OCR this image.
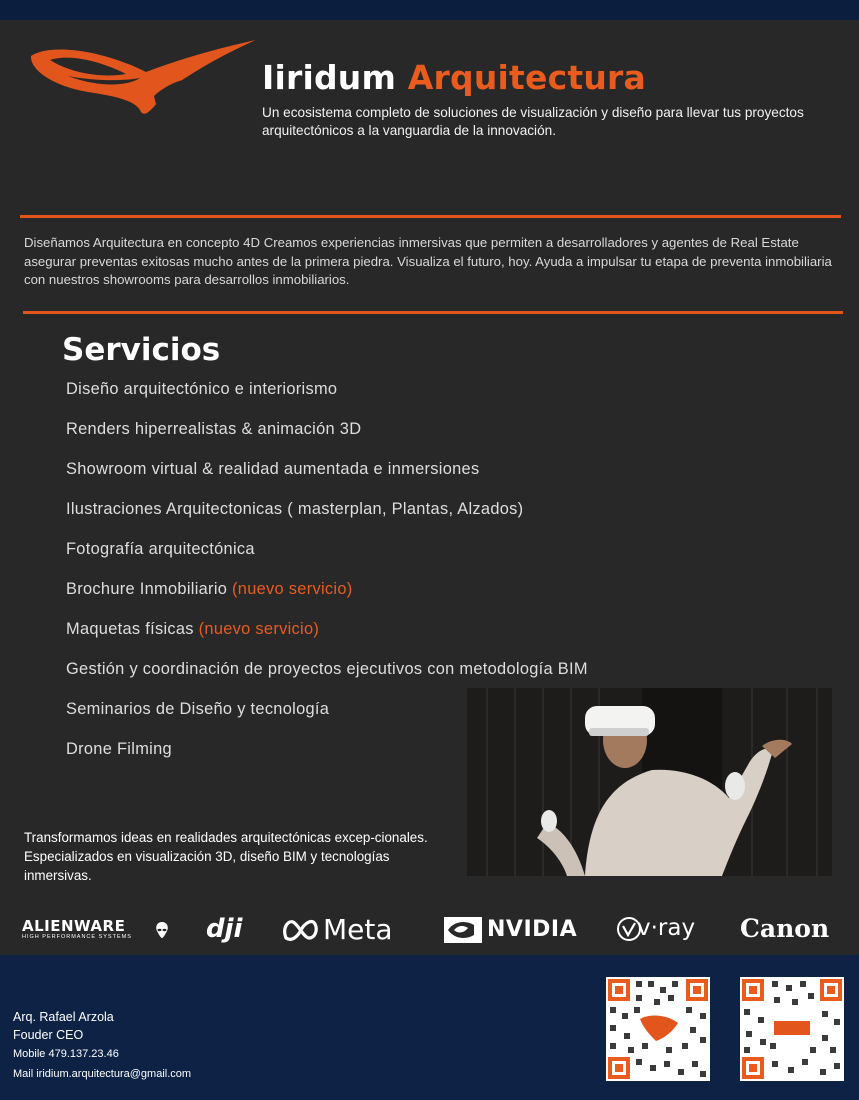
Iiridum Arquitectura
Un ecosistema completo de soluciones de visualización y diseño para llevar tus proyectos arquitectónicos a la vanguardia de la innovación.
Diseñamos Arquitectura en concepto 4D Creamos experiencias inmersivas que permiten a desarrolladores y agentes de Real Estate asegurar preventas exitosas mucho antes de la primera piedra. Visualiza el futuro, hoy. Ayuda a impulsar tu etapa de preventa inmobiliaria con nuestros showrooms para desarrollos inmobiliarios.
Servicios
Diseño arquitectónico e interiorismo
Renders hiperrealistas & animación 3D
Showroom virtual & realidad aumentada e inmersiones
Ilustraciones Arquitectonicas ( masterplan, Plantas, Alzados)
Fotografía arquitectónica
Brochure Inmobiliario (nuevo servicio)
Maquetas físicas (nuevo servicio)
Gestión y coordinación de proyectos ejecutivos con metodología BIM
Seminarios de Diseño y tecnología
Drone Filming
Transformamos ideas en realidades arquitectónicas excep-cionales. Especializados en visualización 3D, diseño BIM y tecnologías inmersivas.
ALIENWARE
HIGH PERFORMANCE SYSTEMS	dji	Meta	NVIDIA	v·ray Canon
Arq. Rafael Arzola
Fouder CEO
Mobile 479.137.23.46
Mail iridium.arquitectura@gmail.com
